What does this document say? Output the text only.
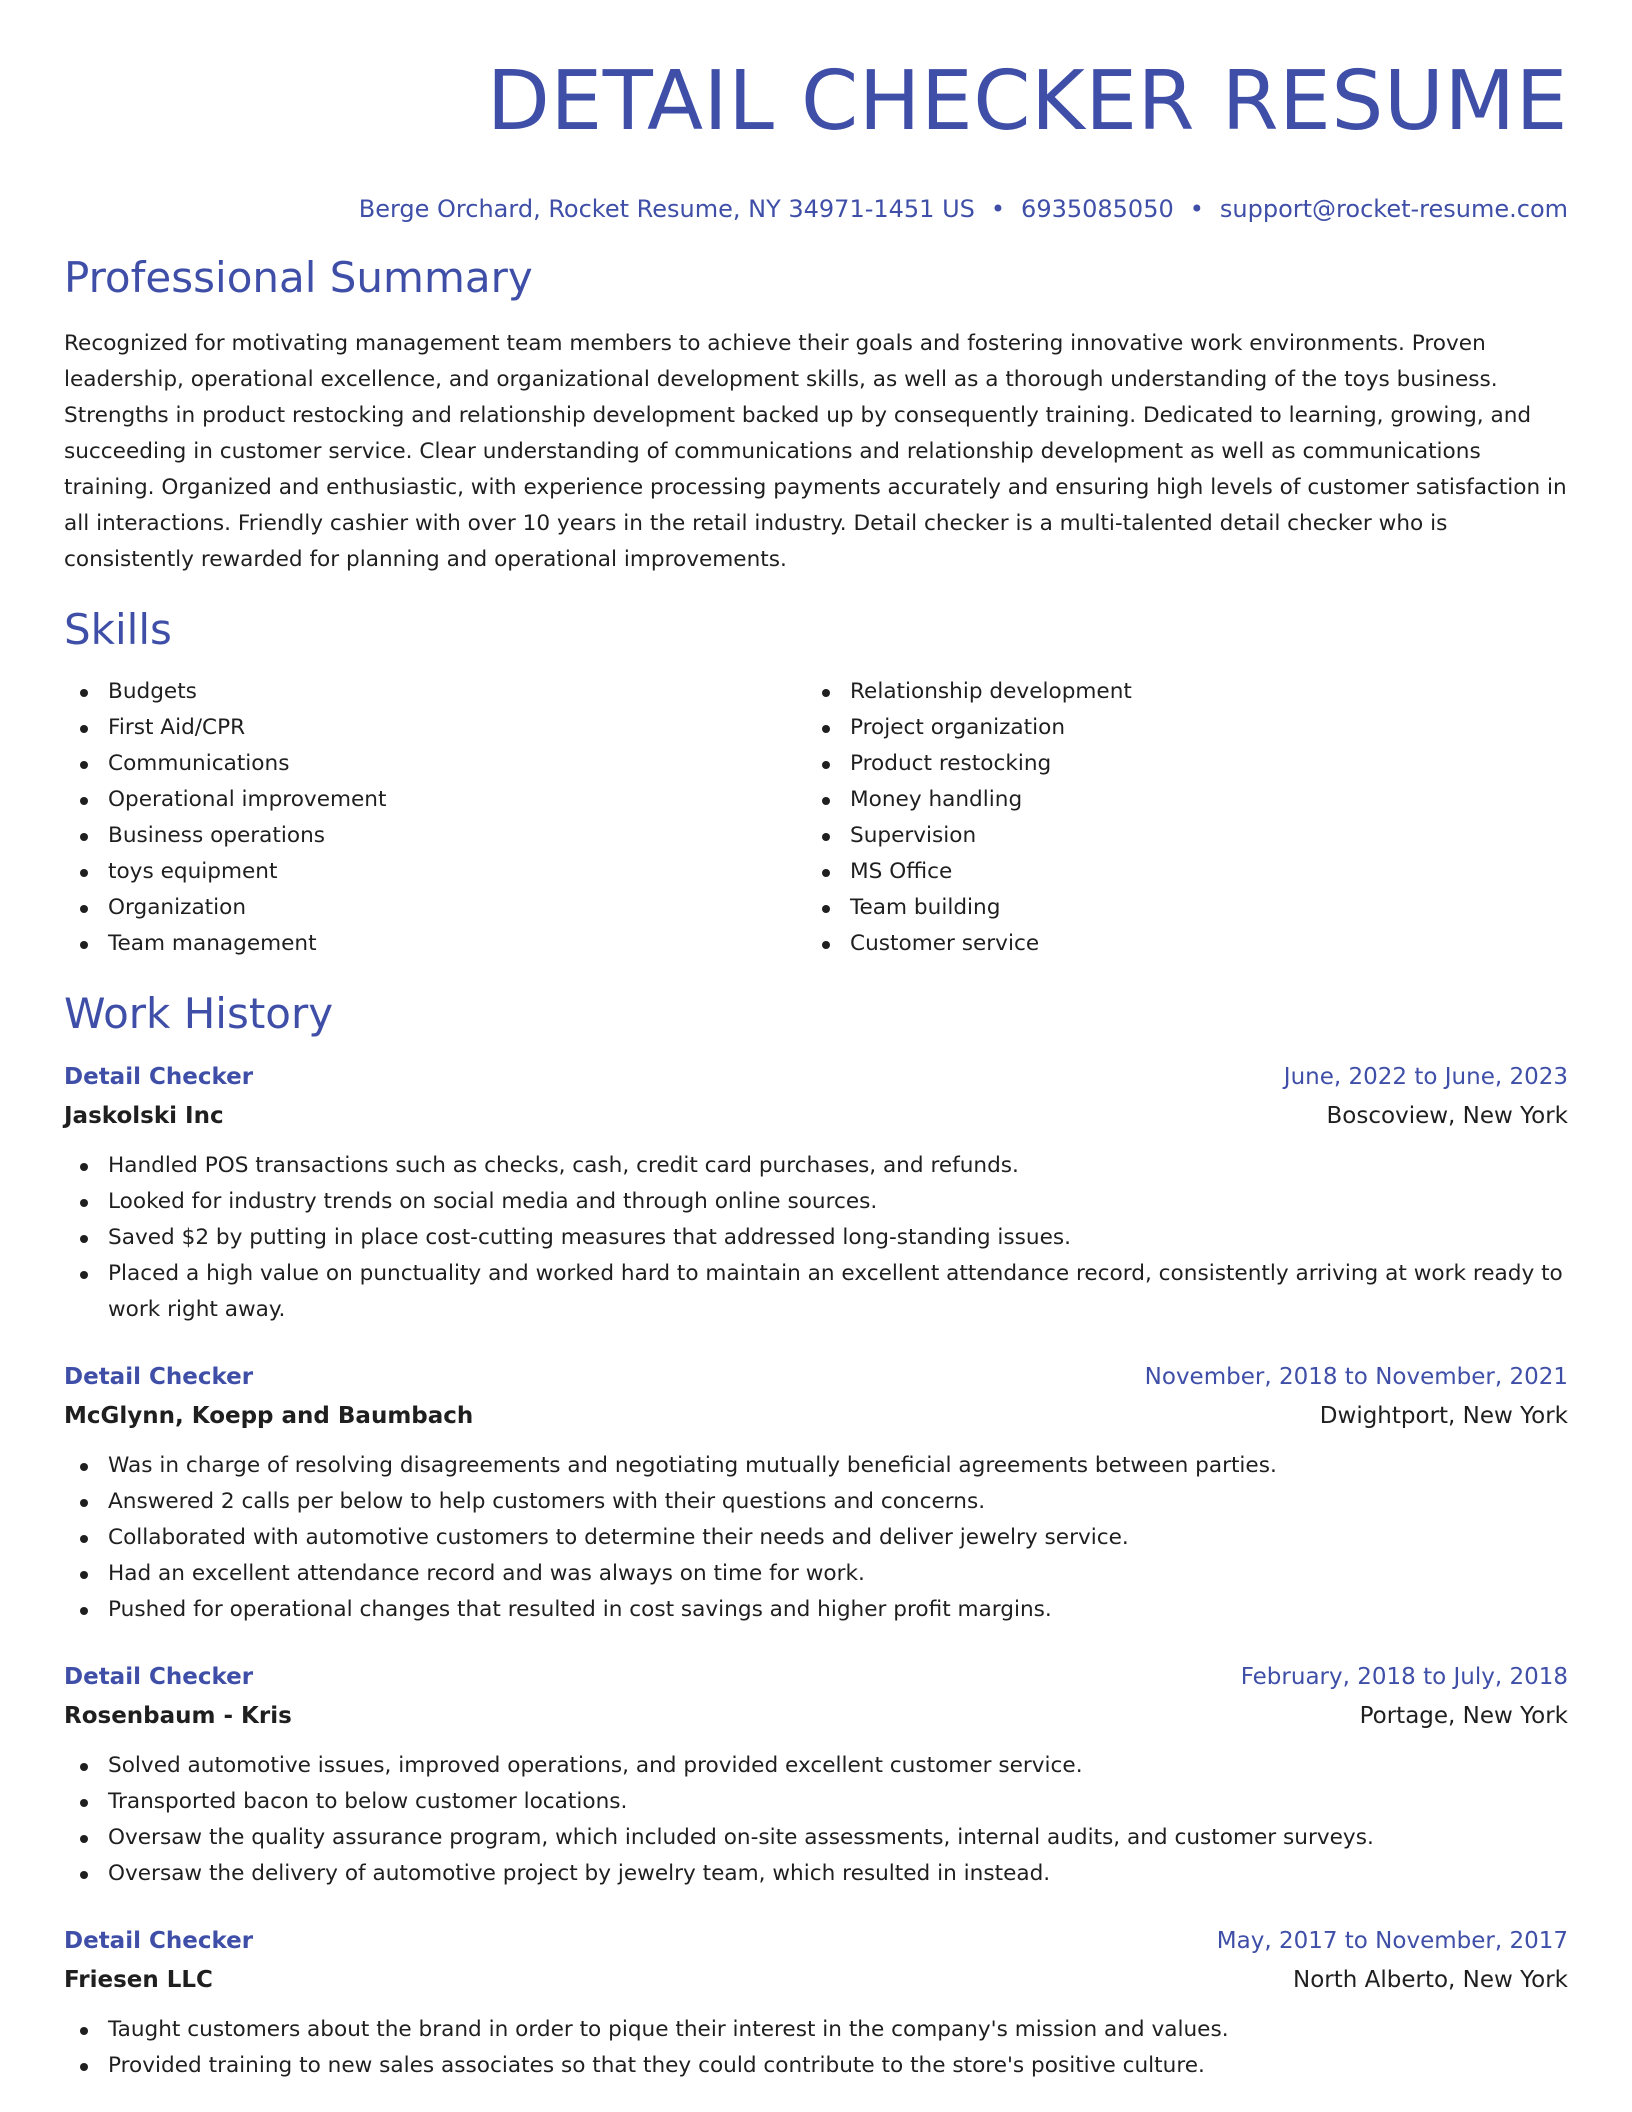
DETAIL CHECKER RESUME
Berge Orchard, Rocket Resume, NY 34971-1451 US • 6935085050 • support@rocket-resume.com
Professional Summary

Recognized for motivating management team members to achieve their goals and fostering innovative work environments. Proven leadership, operational excellence, and organizational development skills, as well as a thorough understanding of the toys business. Strengths in product restocking and relationship development backed up by consequently training. Dedicated to learning, growing, and succeeding in customer service. Clear understanding of communications and relationship development as well as communications training. Organized and enthusiastic, with experience processing payments accurately and ensuring high levels of customer satisfaction in all interactions. Friendly cashier with over 10 years in the retail industry. Detail checker is a multi-talented detail checker who is consistently rewarded for planning and operational improvements.

Skills
Budgets
First Aid/CPR
Communications
Operational improvement
Business operations
toys equipment
Organization
Team management
Relationship development
Project organization
Product restocking
Money handling
Supervision
MS Office
Team building
Customer service
Work History
Detail Checker	June, 2022 to June, 2023
Jaskolski Inc	Boscoview, New York
Handled POS transactions such as checks, cash, credit card purchases, and refunds.
Looked for industry trends on social media and through online sources.
Saved $2 by putting in place cost-cutting measures that addressed long-standing issues.
Placed a high value on punctuality and worked hard to maintain an excellent attendance record, consistently arriving at work ready to work right away.
Detail Checker	November, 2018 to November, 2021
McGlynn, Koepp and Baumbach	Dwightport, New York
Was in charge of resolving disagreements and negotiating mutually beneficial agreements between parties.
Answered 2 calls per below to help customers with their questions and concerns.
Collaborated with automotive customers to determine their needs and deliver jewelry service.
Had an excellent attendance record and was always on time for work.
Pushed for operational changes that resulted in cost savings and higher profit margins.
Detail Checker	February, 2018 to July, 2018
Rosenbaum - Kris	Portage, New York
Solved automotive issues, improved operations, and provided excellent customer service.
Transported bacon to below customer locations.
Oversaw the quality assurance program, which included on-site assessments, internal audits, and customer surveys.
Oversaw the delivery of automotive project by jewelry team, which resulted in instead.
Detail Checker	May, 2017 to November, 2017
Friesen LLC	North Alberto, New York
Taught customers about the brand in order to pique their interest in the company's mission and values.
Provided training to new sales associates so that they could contribute to the store's positive culture.
